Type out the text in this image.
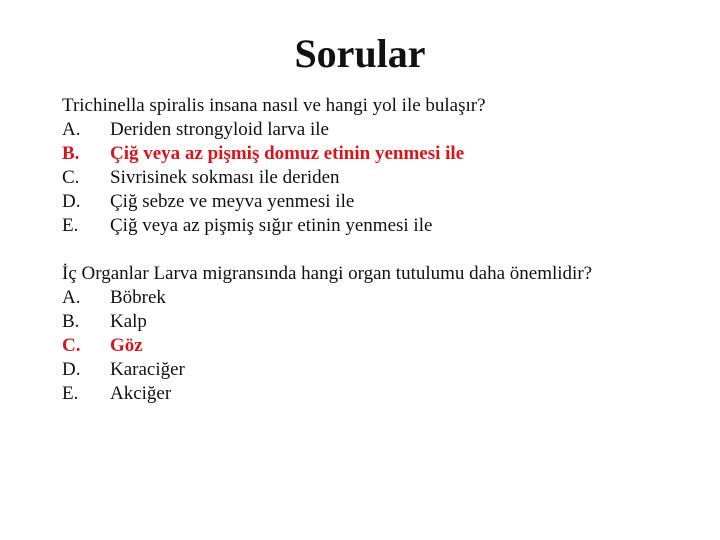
Sorular

Trichinella spiralis insana nasıl ve hangi yol ile bulaşır?

A.	Deriden strongyloid larva ile
B.	Çiğ veya az pişmiş domuz etinin yenmesi ile
C.	Sivrisinek sokması ile deriden
D.	Çiğ sebze ve meyva yenmesi ile
E.	Çiğ veya az pişmiş sığır etinin yenmesi ile

İç Organlar Larva migransında hangi organ tutulumu daha önemlidir?

A.	Böbrek
B.	Kalp
C.	Göz
D.	Karaciğer
E.	Akciğer
